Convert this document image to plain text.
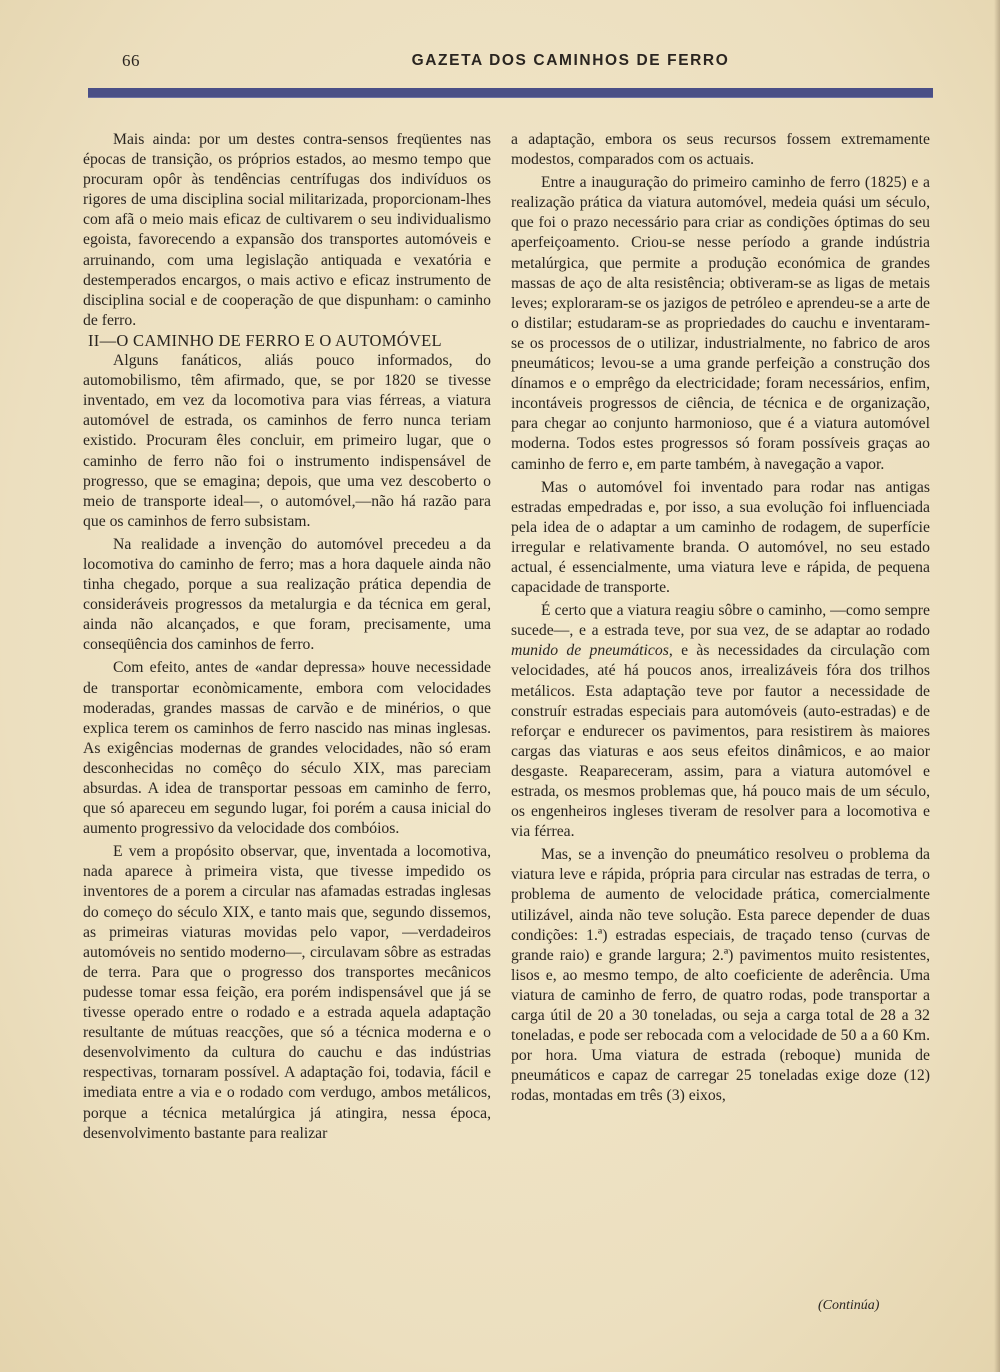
66	GAZETA DOS CAMINHOS DE FERRO

Mais ainda: por um destes contra-sensos freqüentes nas épocas de transição, os próprios estados, ao mesmo tempo que procuram opôr às tendências centrífugas dos indivíduos os rigores de uma disciplina social militarizada, proporcionam-lhes com afã o meio mais eficaz de cultivarem o seu individualismo egoista, favorecendo a expansão dos transportes automóveis e arruinando, com uma legislação antiquada e vexatória e destemperados encargos, o mais activo e eficaz instrumento de disciplina social e de cooperação de que dispunham: o caminho de ferro.

II—O CAMINHO DE FERRO E O AUTOMÓVEL

Alguns fanáticos, aliás pouco informados, do automobilismo, têm afirmado, que, se por 1820 se tivesse inventado, em vez da locomotiva para vias férreas, a viatura automóvel de estrada, os caminhos de ferro nunca teriam existido. Procuram êles concluir, em primeiro lugar, que o caminho de ferro não foi o instrumento indispensável de progresso, que se emagina; depois, que uma vez descoberto o meio de transporte ideal—, o automóvel,—não há razão para que os caminhos de ferro subsistam.

Na realidade a invenção do automóvel precedeu a da locomotiva do caminho de ferro; mas a hora daquele ainda não tinha chegado, porque a sua realização prática dependia de consideráveis progressos da metalurgia e da técnica em geral, ainda não alcançados, e que foram, precisamente, uma conseqüência dos caminhos de ferro.

Com efeito, antes de «andar depressa» houve necessidade de transportar econòmicamente, embora com velocidades moderadas, grandes massas de carvão e de minérios, o que explica terem os caminhos de ferro nascido nas minas inglesas. As exigências modernas de grandes velocidades, não só eram desconhecidas no comêço do século XIX, mas pareciam absurdas. A idea de transportar pessoas em caminho de ferro, que só apareceu em segundo lugar, foi porém a causa inicial do aumento progressivo da velocidade dos combóios.

E vem a propósito observar, que, inventada a locomotiva, nada aparece à primeira vista, que tivesse impedido os inventores de a porem a circular nas afamadas estradas inglesas do começo do século XIX, e tanto mais que, segundo dissemos, as primeiras viaturas movidas pelo vapor, —verdadeiros automóveis no sentido moderno—, circulavam sôbre as estradas de terra. Para que o progresso dos transportes mecânicos pudesse tomar essa feição, era porém indispensável que já se tivesse operado entre o rodado e a estrada aquela adaptação resultante de mútuas reacções, que só a técnica moderna e o desenvolvimento da cultura do cauchu e das indústrias respectivas, tornaram possível. A adaptação foi, todavia, fácil e imediata entre a via e o rodado com verdugo, ambos metálicos, porque a técnica metalúrgica já atingira, nessa época, desenvolvimento bastante para realizar

a adaptação, embora os seus recursos fossem extremamente modestos, comparados com os actuais.

Entre a inauguração do primeiro caminho de ferro (1825) e a realização prática da viatura automóvel, medeia quási um século, que foi o prazo necessário para criar as condições óptimas do seu aperfeiçoamento. Criou-se nesse período a grande indústria metalúrgica, que permite a produção económica de grandes massas de aço de alta resistência; obtiveram-se as ligas de metais leves; exploraram-se os jazigos de petróleo e aprendeu-se a arte de o distilar; estudaram-se as propriedades do cauchu e inventaram-se os processos de o utilizar, industrialmente, no fabrico de aros pneumáticos; levou-se a uma grande perfeição a construção dos dínamos e o emprêgo da electricidade; foram necessários, enfim, incontáveis progressos de ciência, de técnica e de organização, para chegar ao conjunto harmonioso, que é a viatura automóvel moderna. Todos estes progressos só foram possíveis graças ao caminho de ferro e, em parte também, à navegação a vapor.

Mas o automóvel foi inventado para rodar nas antigas estradas empedradas e, por isso, a sua evolução foi influenciada pela idea de o adaptar a um caminho de rodagem, de superfície irregular e relativamente branda. O automóvel, no seu estado actual, é essencialmente, uma viatura leve e rápida, de pequena capacidade de transporte.

É certo que a viatura reagiu sôbre o caminho, —como sempre sucede—, e a estrada teve, por sua vez, de se adaptar ao rodado munido de pneumáticos, e às necessidades da circulação com velocidades, até há poucos anos, irrealizáveis fóra dos trilhos metálicos. Esta adaptação teve por fautor a necessidade de construír estradas especiais para automóveis (auto-estradas) e de reforçar e endurecer os pavimentos, para resistirem às maiores cargas das viaturas e aos seus efeitos dinâmicos, e ao maior desgaste. Reapareceram, assim, para a viatura automóvel e estrada, os mesmos problemas que, há pouco mais de um século, os engenheiros ingleses tiveram de resolver para a locomotiva e via férrea.

Mas, se a invenção do pneumático resolveu o problema da viatura leve e rápida, própria para circular nas estradas de terra, o problema de aumento de velocidade prática, comercialmente utilizável, ainda não teve solução. Esta parece depender de duas condições: 1.ª) estradas especiais, de traçado tenso (curvas de grande raio) e grande largura; 2.ª) pavimentos muito resistentes, lisos e, ao mesmo tempo, de alto coeficiente de aderência. Uma viatura de caminho de ferro, de quatro rodas, pode transportar a carga útil de 20 a 30 toneladas, ou seja a carga total de 28 a 32 toneladas, e pode ser rebocada com a velocidade de 50 a a 60 Km. por hora. Uma viatura de estrada (reboque) munida de pneumáticos e capaz de carregar 25 toneladas exige doze (12) rodas, montadas em três (3) eixos,

(Continúa)
